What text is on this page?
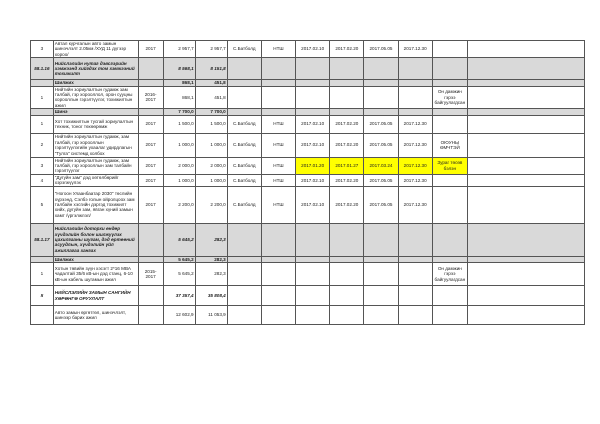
3	Автал күрчгалын авто замын шинэчлэлт 2.05км /ХУД 11 дүгээр хороо/	2017	2 957,7	2 957,7	С.Батболд	НТШ	2017.02.10	2017.02.20	2017.05.05	2017.12.30		
58.1.16	Нийслэлийн нутаг дэвсгэрийн хэмжээнд хийгдэх том хэмжээний тохижилт		8 568,1	8 151,8								
	Шилжих		868,1	451,8								
1	Нийтийн зориулалтын гудамж зам талбай, гэр хорооллол, орон сууцны хорооллын гэрэлтүүлэг, тохижилтын ажил	2016-2017	868,1	451,8							Он дамжин гэрээ байгуулагдсан	
	Шинэ		7 700,0	7 700,0								
1	Хот тохижилтын тусгай зориулалтын техник, тоног төхөөрөмж	2017	1 500,0	1 500,0	С.Батболд	НТШ	2017.02.10	2017.02.20	2017.05.05	2017.12.30		
2	Нийтийн зориулалтын гудамж, зам талбай, гэр хорооллын гэрэлтүүлэгийн ухаалаг удирдлагын "Тулга" системд холбох	2017	1 000,0	1 000,0	С.Батболд	НТШ	2017.02.10	2017.02.20	2017.05.05	2017.12.30	ОЮУНЫ ӨМЧТЭЙ	
3	Нийтийн зориулалтын гудамж, зам талбай, гэр хорооллын зам талбайн гэрэлтүүлэг	2017	2 000,0	2 000,0	С.Батболд	НТШ	2017.01.20	2017.01.27	2017.03.24	2017.12.30	Зураг төсөв бэлэн	
4	"Дугуйн зам" дэд хөтөлбөрийг хэрэгжүүлэх	2017	1 000,0	1 000,0	С.Батболд	НТШ	2017.02.10	2017.02.20	2017.05.05	2017.12.30		
5	"Ногоон Улаанбаатар 2030" төслийн хүрээнд, Сэлбэ голын ойролцоох зам талбайн хэсгийн дэргэд тохижилт хийх, дугуйн зам, явган хүний замын хамт /үргэлжлэл/	2017	2 200,0	2 200,0	С.Батболд	НТШ	2017.02.10	2017.02.20	2017.05.05	2017.12.30		
58.1.17	Нийслэлийн доторхи өндөр хүчдэлийн болон шилжүүлэх цахилгааны шугам, дэд өртөөний асуудлын, хүчдэлийн үйл ажиллагаа хангах		5 645,2	282,3								
	Шилжих		5 645,2	282,3								
1	Хотын төвийн зүүн хэсэгт 2*16 МВА чадалтай 35/6 кВ-ын дэд станц, 6-10 кВ-ын кабель шугамын ажил	2015-2017	5 645,2	282,3							Он дамжин гэрээ байгуулагдсан	
II	НИЙСЛЭЛИЙН ЗАМЫН САНГИЙН ХӨРӨНГӨ ОРУУЛАЛТ		37 357,4	35 808,4								
	Авто замын өргөтгөл, шинэчлэлт, шинээр барих ажил		12 602,9	11 053,9								
